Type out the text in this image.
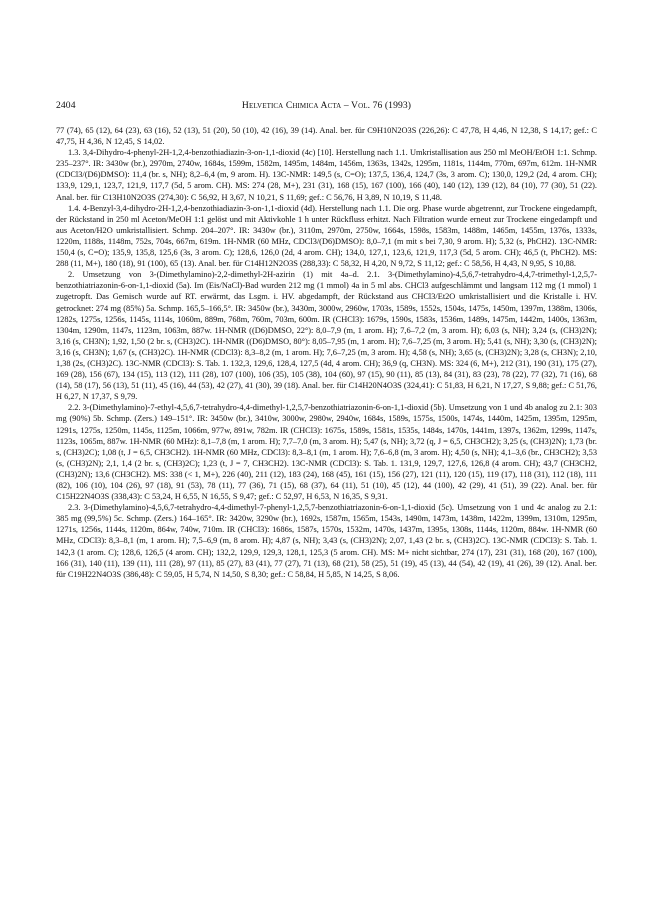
2404	Helvetica Chimica Acta – Vol. 76 (1993)

77 (74), 65 (12), 64 (23), 63 (16), 52 (13), 51 (20), 50 (10), 42 (16), 39 (14). Anal. ber. für C9H10N2O3S (226,26): C 47,78, H 4,46, N 12,38, S 14,17; gef.: C 47,75, H 4,36, N 12,45, S 14,02.

1.3. 3,4-Dihydro-4-phenyl-2H-1,2,4-benzothiadiazin-3-on-1,1-dioxid (4c) [10]. Herstellung nach 1.1. Umkristallisation aus 250 ml MeOH/EtOH 1:1. Schmp. 235–237°. IR: 3430w (br.), 2970m, 2740w, 1684s, 1599m, 1582m, 1495m, 1484m, 1456m, 1363s, 1342s, 1295m, 1181s, 1144m, 770m, 697m, 612m. 1H-NMR (CDCl3/(D6)DMSO): 11,4 (br. s, NH); 8,2–6,4 (m, 9 arom. H). 13C-NMR: 149,5 (s, C=O); 137,5, 136,4, 124,7 (3s, 3 arom. C); 130,0, 129,2 (2d, 4 arom. CH); 133,9, 129,1, 123,7, 121,9, 117,7 (5d, 5 arom. CH). MS: 274 (28, M+), 231 (31), 168 (15), 167 (100), 166 (40), 140 (12), 139 (12), 84 (10), 77 (30), 51 (22). Anal. ber. für C13H10N2O3S (274,30): C 56,92, H 3,67, N 10,21, S 11,69; gef.: C 56,76, H 3,89, N 10,19, S 11,48.

1.4. 4-Benzyl-3,4-dihydro-2H-1,2,4-benzothiadiazin-3-on-1,1-dioxid (4d). Herstellung nach 1.1. Die org. Phase wurde abgetrennt, zur Trockene eingedampft, der Rückstand in 250 ml Aceton/MeOH 1:1 gelöst und mit Aktivkohle 1 h unter Rückfluss erhitzt. Nach Filtration wurde erneut zur Trockene eingedampft und aus Aceton/H2O umkristallisiert. Schmp. 204–207°. IR: 3430w (br.), 3110m, 2970m, 2750w, 1664s, 1598s, 1583m, 1488m, 1465m, 1455m, 1376s, 1333s, 1220m, 1188s, 1148m, 752s, 704s, 667m, 619m. 1H-NMR (60 MHz, CDCl3/(D6)DMSO): 8,0–7,1 (m mit s bei 7,30, 9 arom. H); 5,32 (s, PhCH2). 13C-NMR: 150,4 (s, C=O); 135,9, 135,8, 125,6 (3s, 3 arom. C); 128,6, 126,0 (2d, 4 arom. CH); 134,0, 127,1, 123,6, 121,9, 117,3 (5d, 5 arom. CH); 46,5 (t, PhCH2). MS: 288 (11, M+), 180 (18), 91 (100), 65 (13). Anal. ber. für C14H12N2O3S (288,33): C 58,32, H 4,20, N 9,72, S 11,12; gef.: C 58,56, H 4,43, N 9,95, S 10,88.

2. Umsetzung von 3-(Dimethylamino)-2,2-dimethyl-2H-azirin (1) mit 4a–d. 2.1. 3-(Dimethylamino)-4,5,6,7-tetrahydro-4,4,7-trimethyl-1,2,5,7-benzothiatriazonin-6-on-1,1-dioxid (5a). Im (Eis/NaCl)-Bad wurden 212 mg (1 mmol) 4a in 5 ml abs. CHCl3 aufgeschlämmt und langsam 112 mg (1 mmol) 1 zugetropft. Das Gemisch wurde auf RT. erwärmt, das Lsgm. i. HV. abgedampft, der Rückstand aus CHCl3/Et2O umkristallisiert und die Kristalle i. HV. getrocknet: 274 mg (85%) 5a. Schmp. 165,5–166,5°. IR: 3450w (br.), 3430m, 3000w, 2960w, 1703s, 1589s, 1552s, 1504s, 1475s, 1450m, 1397m, 1388m, 1306s, 1282s, 1275s, 1256s, 1145s, 1114s, 1060m, 889m, 768m, 760m, 703m, 600m. IR (CHCl3): 1679s, 1590s, 1583s, 1536m, 1489s, 1475m, 1442m, 1400s, 1363m, 1304m, 1290m, 1147s, 1123m, 1063m, 887w. 1H-NMR ((D6)DMSO, 22°): 8,0–7,9 (m, 1 arom. H); 7,6–7,2 (m, 3 arom. H); 6,03 (s, NH); 3,24 (s, (CH3)2N); 3,16 (s, CH3N); 1,92, 1,50 (2 br. s, (CH3)2C). 1H-NMR ((D6)DMSO, 80°): 8,05–7,95 (m, 1 arom. H); 7,6–7,25 (m, 3 arom. H); 5,41 (s, NH); 3,30 (s, (CH3)2N); 3,16 (s, CH3N); 1,67 (s, (CH3)2C). 1H-NMR (CDCl3): 8,3–8,2 (m, 1 arom. H); 7,6–7,25 (m, 3 arom. H); 4,58 (s, NH); 3,65 (s, (CH3)2N); 3,28 (s, CH3N); 2,10, 1,38 (2s, (CH3)2C). 13C-NMR (CDCl3): S. Tab. 1. 132,3, 129,6, 128,4, 127,5 (4d, 4 arom. CH); 36,9 (q, CH3N). MS: 324 (6, M+), 212 (31), 190 (31), 175 (27), 169 (28), 156 (67), 134 (15), 113 (12), 111 (28), 107 (100), 106 (35), 105 (38), 104 (60), 97 (15), 90 (11), 85 (13), 84 (31), 83 (23), 78 (22), 77 (32), 71 (16), 68 (14), 58 (17), 56 (13), 51 (11), 45 (16), 44 (53), 42 (27), 41 (30), 39 (18). Anal. ber. für C14H20N4O3S (324,41): C 51,83, H 6,21, N 17,27, S 9,88; gef.: C 51,76, H 6,27, N 17,37, S 9,79.

2.2. 3-(Dimethylamino)-7-ethyl-4,5,6,7-tetrahydro-4,4-dimethyl-1,2,5,7-benzothiatriazonin-6-on-1,1-dioxid (5b). Umsetzung von 1 und 4b analog zu 2.1: 303 mg (90%) 5b. Schmp. (Zers.) 149–151°. IR: 3450w (br.), 3410w, 3000w, 2980w, 2940w, 1684s, 1589s, 1575s, 1500s, 1474s, 1440m, 1425m, 1395m, 1295m, 1291s, 1275s, 1250m, 1145s, 1125m, 1066m, 977w, 891w, 782m. IR (CHCl3): 1675s, 1589s, 1581s, 1535s, 1484s, 1470s, 1441m, 1397s, 1362m, 1299s, 1147s, 1123s, 1065m, 887w. 1H-NMR (60 MHz): 8,1–7,8 (m, 1 arom. H); 7,7–7,0 (m, 3 arom. H); 5,47 (s, NH); 3,72 (q, J = 6,5, CH3CH2); 3,25 (s, (CH3)2N); 1,73 (br. s, (CH3)2C); 1,08 (t, J = 6,5, CH3CH2). 1H-NMR (60 MHz, CDCl3): 8,3–8,1 (m, 1 arom. H); 7,6–6,8 (m, 3 arom. H); 4,50 (s, NH); 4,1–3,6 (br., CH3CH2); 3,53 (s, (CH3)2N); 2,1, 1,4 (2 br. s, (CH3)2C); 1,23 (t, J = 7, CH3CH2). 13C-NMR (CDCl3): S. Tab. 1. 131,9, 129,7, 127,6, 126,8 (4 arom. CH); 43,7 (CH3CH2, (CH3)2N); 13,6 (CH3CH2). MS: 338 (< 1, M+), 226 (40), 211 (12), 183 (24), 168 (45), 161 (15), 156 (27), 121 (11), 120 (15), 119 (17), 118 (31), 112 (18), 111 (82), 106 (10), 104 (26), 97 (18), 91 (53), 78 (11), 77 (36), 71 (15), 68 (37), 64 (11), 51 (10), 45 (12), 44 (100), 42 (29), 41 (51), 39 (22). Anal. ber. für C15H22N4O3S (338,43): C 53,24, H 6,55, N 16,55, S 9,47; gef.: C 52,97, H 6,53, N 16,35, S 9,31.

2.3. 3-(Dimethylamino)-4,5,6,7-tetrahydro-4,4-dimethyl-7-phenyl-1,2,5,7-benzothiatriazonin-6-on-1,1-dioxid (5c). Umsetzung von 1 und 4c analog zu 2.1: 385 mg (99,5%) 5c. Schmp. (Zers.) 164–165°. IR: 3420w, 3290w (br.), 1692s, 1587m, 1565m, 1543s, 1490m, 1473m, 1438m, 1422m, 1399m, 1310m, 1295m, 1271s, 1256s, 1144s, 1120m, 864w, 740w, 710m. IR (CHCl3): 1686s, 1587s, 1570s, 1532m, 1470s, 1437m, 1395s, 1308s, 1144s, 1120m, 884w. 1H-NMR (60 MHz, CDCl3): 8,3–8,1 (m, 1 arom. H); 7,5–6,9 (m, 8 arom. H); 4,87 (s, NH); 3,43 (s, (CH3)2N); 2,07, 1,43 (2 br. s, (CH3)2C). 13C-NMR (CDCl3): S. Tab. 1. 142,3 (1 arom. C); 128,6, 126,5 (4 arom. CH); 132,2, 129,9, 129,3, 128,1, 125,3 (5 arom. CH). MS: M+ nicht sichtbar, 274 (17), 231 (31), 168 (20), 167 (100), 166 (31), 140 (11), 139 (11), 111 (28), 97 (11), 85 (27), 83 (41), 77 (27), 71 (13), 68 (21), 58 (25), 51 (19), 45 (13), 44 (54), 42 (19), 41 (26), 39 (12). Anal. ber. für C19H22N4O3S (386,48): C 59,05, H 5,74, N 14,50, S 8,30; gef.: C 58,84, H 5,85, N 14,25, S 8,06.
